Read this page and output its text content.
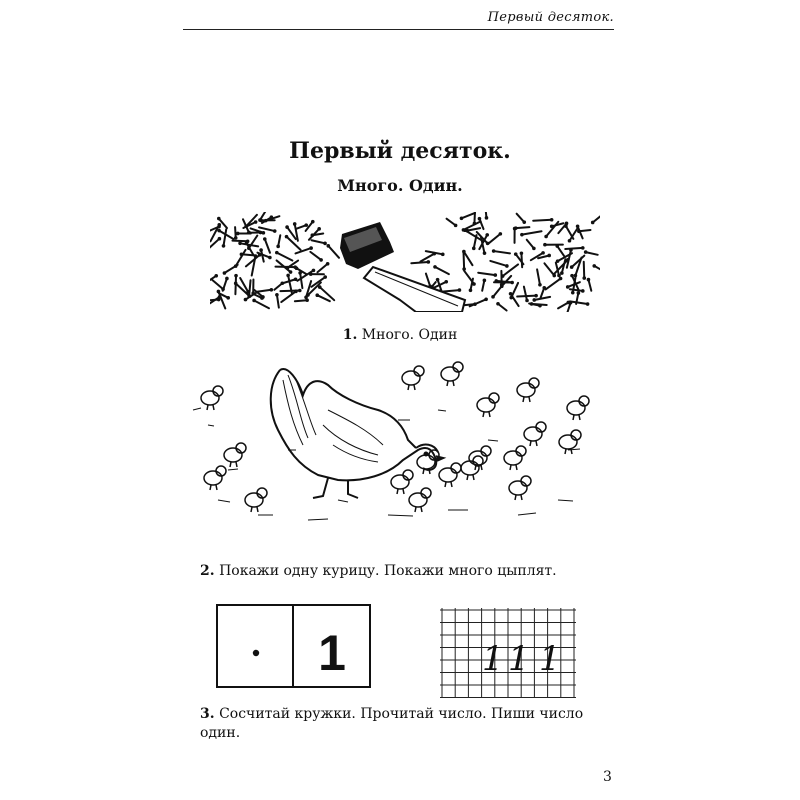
Первый десяток.
Первый десяток.
Много. Один.
1. Много. Один
2. Покажи одну курицу. Покажи много цыплят.
1	1 1 1
3. Сосчитай кружки. Прочитай число. Пиши число один.
3
